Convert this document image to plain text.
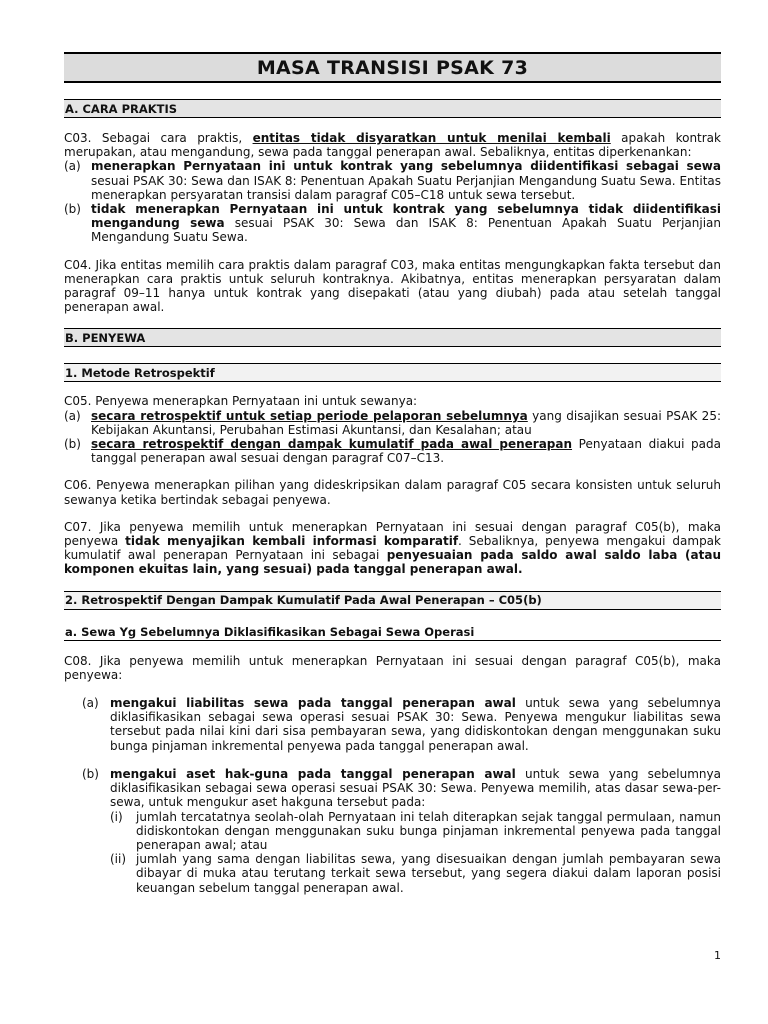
MASA TRANSISI PSAK 73
A. CARA PRAKTIS

C03. Sebagai cara praktis, entitas tidak disyaratkan untuk menilai kembali apakah kontrak merupakan, atau mengandung, sewa pada tanggal penerapan awal. Sebaliknya, entitas diperkenankan:

(a) menerapkan Pernyataan ini untuk kontrak yang sebelumnya diidentifikasi sebagai sewa sesuai PSAK 30: Sewa dan ISAK 8: Penentuan Apakah Suatu Perjanjian Mengandung Suatu Sewa. Entitas menerapkan persyaratan transisi dalam paragraf C05–C18 untuk sewa tersebut.
(b) tidak menerapkan Pernyataan ini untuk kontrak yang sebelumnya tidak diidentifikasi mengandung sewa sesuai PSAK 30: Sewa dan ISAK 8: Penentuan Apakah Suatu Perjanjian Mengandung Suatu Sewa.

C04. Jika entitas memilih cara praktis dalam paragraf C03, maka entitas mengungkapkan fakta tersebut dan menerapkan cara praktis untuk seluruh kontraknya. Akibatnya, entitas menerapkan persyaratan dalam paragraf 09–11 hanya untuk kontrak yang disepakati (atau yang diubah) pada atau setelah tanggal penerapan awal.

B. PENYEWA
1. Metode Retrospektif

C05. Penyewa menerapkan Pernyataan ini untuk sewanya:

(a) secara retrospektif untuk setiap periode pelaporan sebelumnya yang disajikan sesuai PSAK 25: Kebijakan Akuntansi, Perubahan Estimasi Akuntansi, dan Kesalahan; atau
(b) secara retrospektif dengan dampak kumulatif pada awal penerapan Penyataan diakui pada tanggal penerapan awal sesuai dengan paragraf C07–C13.

C06. Penyewa menerapkan pilihan yang dideskripsikan dalam paragraf C05 secara konsisten untuk seluruh sewanya ketika bertindak sebagai penyewa.

C07. Jika penyewa memilih untuk menerapkan Pernyataan ini sesuai dengan paragraf C05(b), maka penyewa tidak menyajikan kembali informasi komparatif. Sebaliknya, penyewa mengakui dampak kumulatif awal penerapan Pernyataan ini sebagai penyesuaian pada saldo awal saldo laba (atau komponen ekuitas lain, yang sesuai) pada tanggal penerapan awal.

2. Retrospektif Dengan Dampak Kumulatif Pada Awal Penerapan – C05(b)
a. Sewa Yg Sebelumnya Diklasifikasikan Sebagai Sewa Operasi

C08. Jika penyewa memilih untuk menerapkan Pernyataan ini sesuai dengan paragraf C05(b), maka penyewa:

(a) mengakui liabilitas sewa pada tanggal penerapan awal untuk sewa yang sebelumnya diklasifikasikan sebagai sewa operasi sesuai PSAK 30: Sewa. Penyewa mengukur liabilitas sewa tersebut pada nilai kini dari sisa pembayaran sewa, yang didiskontokan dengan menggunakan suku bunga pinjaman inkremental penyewa pada tanggal penerapan awal.
(b) mengakui aset hak-guna pada tanggal penerapan awal untuk sewa yang sebelumnya diklasifikasikan sebagai sewa operasi sesuai PSAK 30: Sewa. Penyewa memilih, atas dasar sewa-per-sewa, untuk mengukur aset hakguna tersebut pada:
(i)	jumlah tercatatnya seolah-olah Pernyataan ini telah diterapkan sejak tanggal permulaan, namun didiskontokan dengan menggunakan suku bunga pinjaman inkremental penyewa pada tanggal penerapan awal; atau
(ii) jumlah yang sama dengan liabilitas sewa, yang disesuaikan dengan jumlah pembayaran sewa dibayar di muka atau terutang terkait sewa tersebut, yang segera diakui dalam laporan posisi keuangan sebelum tanggal penerapan awal.
1
